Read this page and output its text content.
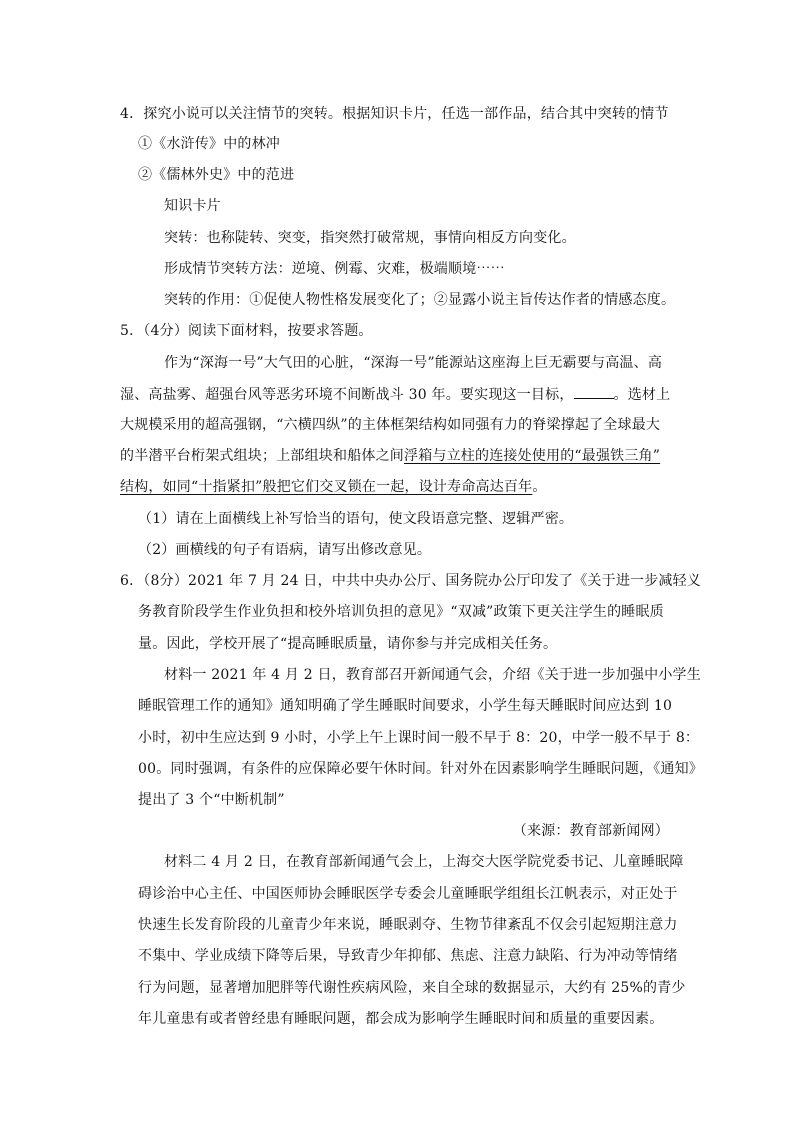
4．探究小说可以关注情节的突转。根据知识卡片，任选一部作品，结合其中突转的情节
①《水浒传》中的林冲
②《儒林外史》中的范进
知识卡片
突转：也称陡转、突变，指突然打破常规，事情向相反方向变化。
形成情节突转方法：逆境、例霉、灾难，极端顺境⋯⋯
突转的作用：①促使人物性格发展变化了；②显露小说主旨传达作者的情感态度。
5．（4分）阅读下面材料，按要求答题。
作为“深海一号”大气田的心脏，“深海一号”能源站这座海上巨无霸要与高温、高
湿、高盐雾、超强台风等恶劣环境不间断战斗 30 年。要实现这一目标，	。选材上
大规模采用的超高强钢，“六横四纵”的主体框架结构如同强有力的脊梁撑起了全球最大
的半潜平台桁架式组块；上部组块和船体之间浮箱与立柱的连接处使用的“最强铁三角”
结构，如同“十指紧扣”般把它们交叉锁在一起，设计寿命高达百年。
（1）请在上面横线上补写恰当的语句，使文段语意完整、逻辑严密。
（2）画横线的句子有语病，请写出修改意见。
6．（8分）2021 年 7 月 24 日，中共中央办公厅、国务院办公厅印发了《关于进一步减轻义
务教育阶段学生作业负担和校外培训负担的意见》“双减”政策下更关注学生的睡眠质
量。因此，学校开展了“提高睡眠质量，请你参与并完成相关任务。
材料一 2021 年 4 月 2 日，教育部召开新闻通气会，介绍《关于进一步加强中小学生
睡眠管理工作的通知》通知明确了学生睡眠时间要求，小学生每天睡眠时间应达到 10
小时，初中生应达到 9 小时，小学上午上课时间一般不早于 8：20，中学一般不早于 8：
00。同时强调，有条件的应保障必要午休时间。针对外在因素影响学生睡眠问题，《通知》
提出了 3 个“中断机制”
（来源：教育部新闻网）
材料二 4 月 2 日，在教育部新闻通气会上，上海交大医学院党委书记、儿童睡眠障
碍诊治中心主任、中国医师协会睡眠医学专委会儿童睡眠学组组长江帆表示，对正处于
快速生长发育阶段的儿童青少年来说，睡眠剥夺、生物节律紊乱不仅会引起短期注意力
不集中、学业成绩下降等后果，导致青少年抑郁、焦虑、注意力缺陷、行为冲动等情绪
行为问题，显著增加肥胖等代谢性疾病风险，来自全球的数据显示，大约有 25%的青少
年儿童患有或者曾经患有睡眠问题，都会成为影响学生睡眠时间和质量的重要因素。
